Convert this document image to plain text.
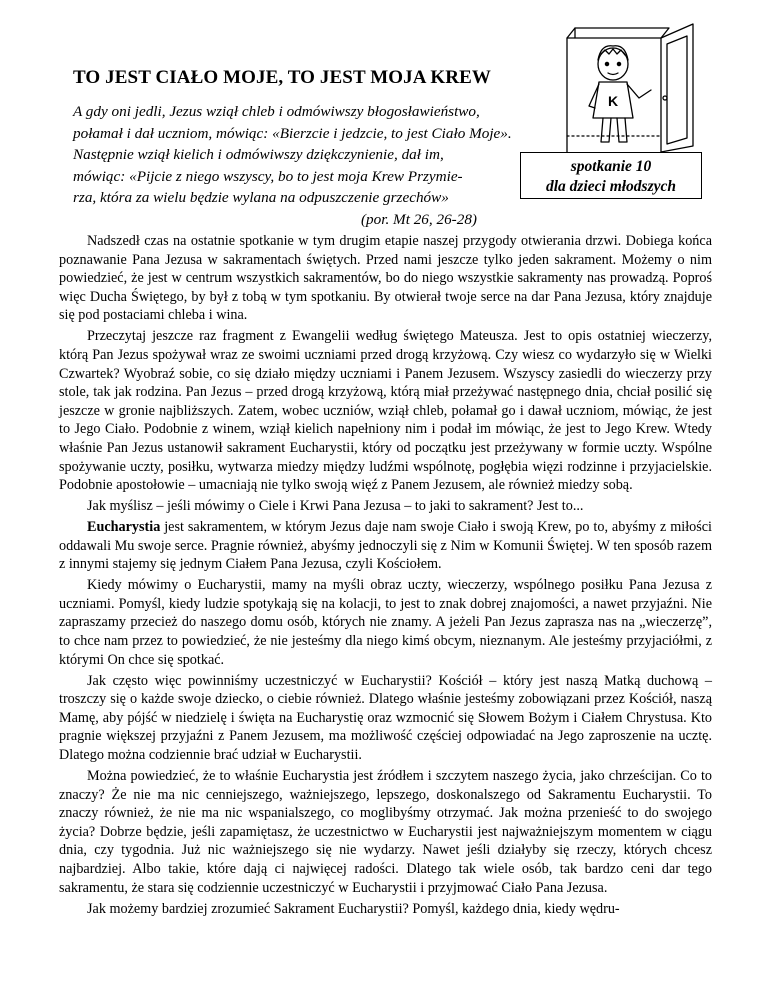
TO JEST CIAŁO MOJE, TO JEST MOJA KREW
A gdy oni jedli, Jezus wziął chleb i odmówiwszy błogosławieństwo,
połamał i dał uczniom, mówiąc: «Bierzcie i jedzcie, to jest Ciało Moje».
Następnie wziął kielich i odmówiwszy dziękczynienie, dał im,
mówiąc: «Pijcie z niego wszyscy, bo to jest moja Krew Przymie-
rza, która za wielu będzie wylana na odpuszczenie grzechów»
(por. Mt 26, 26-28)
K
spotkanie 10
dla dzieci młodszych

Nadszedł czas na ostatnie spotkanie w tym drugim etapie naszej przygody otwierania drzwi. Dobiega końca poznawanie Pana Jezusa w sakramentach świętych. Przed nami jeszcze tylko jeden sakrament. Możemy o nim powiedzieć, że jest w centrum wszystkich sakramentów, bo do niego wszystkie sakramenty nas prowadzą. Poproś więc Ducha Świętego, by był z tobą w tym spotkaniu. By otwierał twoje serce na dar Pana Jezusa, który znajduje się pod postaciami chleba i wina.

Przeczytaj jeszcze raz fragment z Ewangelii według świętego Mateusza. Jest to opis ostatniej wieczerzy, którą Pan Jezus spożywał wraz ze swoimi uczniami przed drogą krzyżową. Czy wiesz co wydarzyło się w Wielki Czwartek? Wyobraź sobie, co się działo między uczniami i Panem Jezusem. Wszyscy zasiedli do wieczerzy przy stole, tak jak rodzina. Pan Jezus – przed drogą krzyżową, którą miał przeżywać następnego dnia, chciał posilić się jeszcze w gronie najbliższych. Zatem, wobec uczniów, wziął chleb, połamał go i dawał uczniom, mówiąc, że jest to Jego Ciało. Podobnie z winem, wziął kielich napełniony nim i podał im mówiąc, że jest to Jego Krew. Wtedy właśnie Pan Jezus ustanowił sakrament Eucharystii, który od początku jest przeżywany w formie uczty. Wspólne spożywanie uczty, posiłku, wytwarza miedzy między ludźmi wspólnotę, pogłębia więzi rodzinne i przyjacielskie. Podobnie apostołowie – umacniają nie tylko swoją więź z Panem Jezusem, ale również miedzy sobą.

Jak myślisz – jeśli mówimy o Ciele i Krwi Pana Jezusa – to jaki to sakrament? Jest to...

Eucharystia jest sakramentem, w którym Jezus daje nam swoje Ciało i swoją Krew, po to, abyśmy z miłości oddawali Mu swoje serce. Pragnie również, abyśmy jednoczyli się z Nim w Komunii Świętej. W ten sposób razem z innymi stajemy się jednym Ciałem Pana Jezusa, czyli Kościołem.

Kiedy mówimy o Eucharystii, mamy na myśli obraz uczty, wieczerzy, wspólnego posiłku Pana Jezusa z uczniami. Pomyśl, kiedy ludzie spotykają się na kolacji, to jest to znak dobrej znajomości, a nawet przyjaźni. Nie zapraszamy przecież do naszego domu osób, których nie znamy. A jeżeli Pan Jezus zaprasza nas na „wieczerzę”, to chce nam przez to powiedzieć, że nie jesteśmy dla niego kimś obcym, nieznanym. Ale jesteśmy przyjaciółmi, z którymi On chce się spotkać.

Jak często więc powinniśmy uczestniczyć w Eucharystii? Kościół – który jest naszą Matką duchową – troszczy się o każde swoje dziecko, o ciebie również. Dlatego właśnie jesteśmy zobowiązani przez Kościół, naszą Mamę, aby pójść w niedzielę i święta na Eucharystię oraz wzmocnić się Słowem Bożym i Ciałem Chrystusa. Kto pragnie większej przyjaźni z Panem Jezusem, ma możliwość częściej odpowiadać na Jego zaproszenie na ucztę. Dlatego można codziennie brać udział w Eucharystii.

Można powiedzieć, że to właśnie Eucharystia jest źródłem i szczytem naszego życia, jako chrześcijan. Co to znaczy? Że nie ma nic cenniejszego, ważniejszego, lepszego, doskonalszego od Sakramentu Eucharystii. To znaczy również, że nie ma nic wspanialszego, co moglibyśmy otrzymać. Jak można przenieść to do swojego życia? Dobrze będzie, jeśli zapamiętasz, że uczestnictwo w Eucharystii jest najważniejszym momentem w ciągu dnia, czy tygodnia. Już nic ważniejszego się nie wydarzy. Nawet jeśli działyby się rzeczy, których chcesz najbardziej. Albo takie, które dają ci najwięcej radości. Dlatego tak wiele osób, tak bardzo ceni dar tego sakramentu, że stara się codziennie uczestniczyć w Eucharystii i przyjmować Ciało Pana Jezusa.

Jak możemy bardziej zrozumieć Sakrament Eucharystii? Pomyśl, każdego dnia, kiedy wędru-
